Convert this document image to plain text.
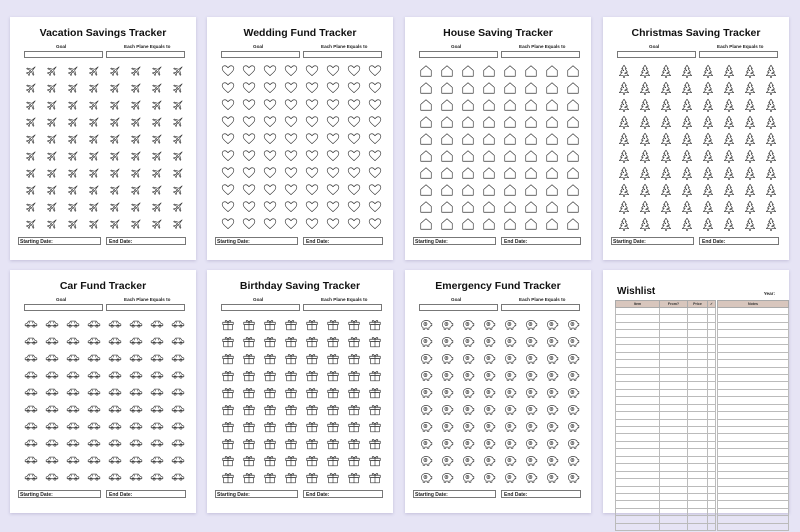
Vacation Savings Tracker
Goal	Each Plane Equals to
Starting Date:	End Date:
Wedding Fund Tracker
Goal	Each Plane Equals to
Starting Date:	End Date:
House Saving Tracker
Goal	Each Plane Equals to
Starting Date:	End Date:
Christmas Saving Tracker
Goal	Each Plane Equals to
Starting Date:	End Date:
Car Fund Tracker
Goal	Each Plane Equals to
Starting Date:	End Date:
Birthday Saving Tracker
Goal	Each Plane Equals to
Starting Date:	End Date:
Emergency Fund Tracker
Goal	Each Plane Equals to
Starting Date:	End Date:
Wishlist	Year:
Item	From?	Price	✓

				Notes
